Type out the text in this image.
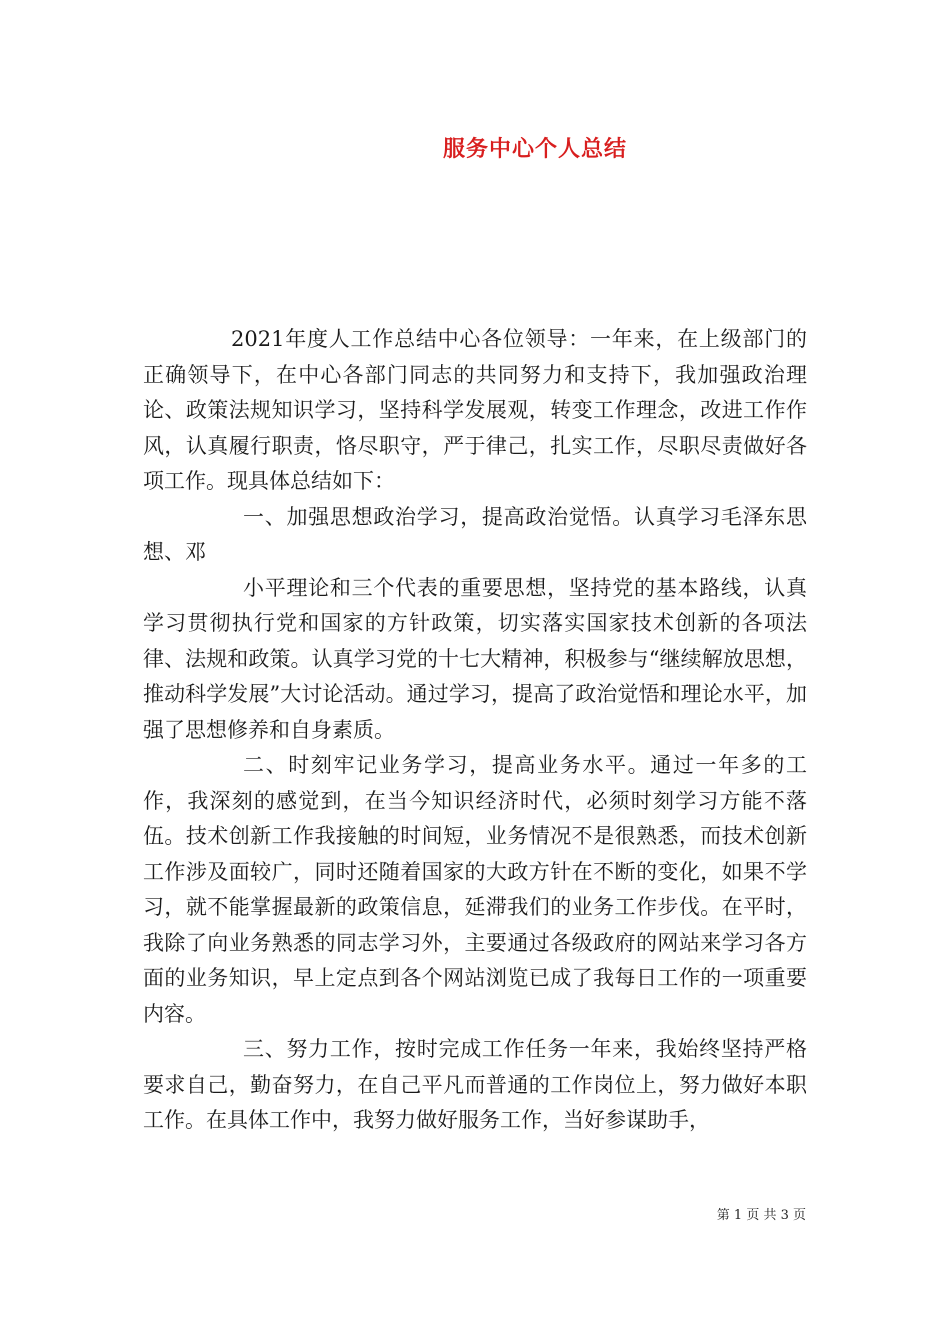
服务中心个人总结

2021年度人工作总结中心各位领导：一年来，在上级部门的正确领导下，在中心各部门同志的共同努力和支持下，我加强政治理论、政策法规知识学习，坚持科学发展观，转变工作理念，改进工作作风，认真履行职责，恪尽职守，严于律己，扎实工作，尽职尽责做好各项工作。现具体总结如下：

一、加强思想政治学习，提高政治觉悟。认真学习毛泽东思想、邓

小平理论和三个代表的重要思想，坚持党的基本路线，认真学习贯彻执行党和国家的方针政策，切实落实国家技术创新的各项法律、法规和政策。认真学习党的十七大精神，积极参与“继续解放思想，推动科学发展”大讨论活动。通过学习，提高了政治觉悟和理论水平，加强了思想修养和自身素质。

二、时刻牢记业务学习，提高业务水平。通过一年多的工作，我深刻的感觉到，在当今知识经济时代，必须时刻学习方能不落伍。技术创新工作我接触的时间短，业务情况不是很熟悉，而技术创新工作涉及面较广，同时还随着国家的大政方针在不断的变化，如果不学习，就不能掌握最新的政策信息，延滞我们的业务工作步伐。在平时，我除了向业务熟悉的同志学习外，主要通过各级政府的网站来学习各方面的业务知识，早上定点到各个网站浏览已成了我每日工作的一项重要内容。

三、努力工作，按时完成工作任务一年来，我始终坚持严格要求自己，勤奋努力，在自己平凡而普通的工作岗位上，努力做好本职工作。在具体工作中，我努力做好服务工作，当好参谋助手，

第 1 页 共 3 页
